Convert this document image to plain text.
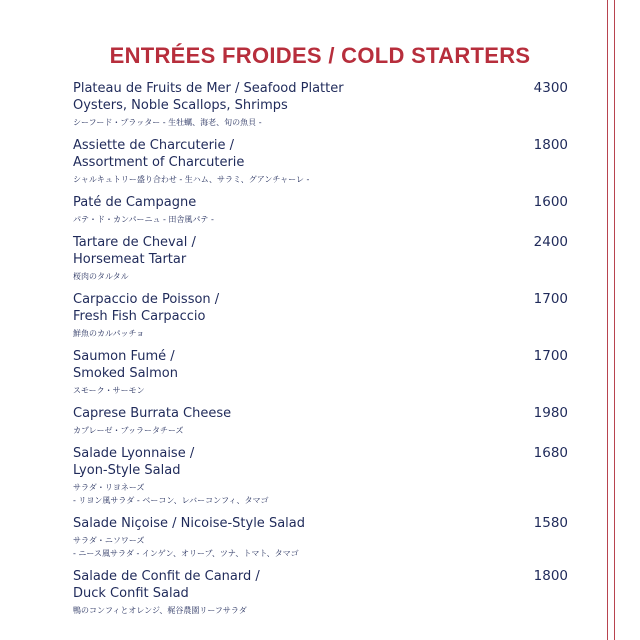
ENTRÉES FROIDES / COLD STARTERS
Plateau de Fruits de Mer / Seafood Platter
Oysters, Noble Scallops, Shrimps
シーフード・プラッター - 生牡蠣、海老、旬の魚貝 -
4300
Assiette de Charcuterie /
Assortment of Charcuterie
シャルキュトリー盛り合わせ - 生ハム、サラミ、グアンチャーレ -
1800
Paté de Campagne
パテ・ド・カンパーニュ - 田舎風パテ -
1600
Tartare de Cheval /
Horsemeat Tartar
桜肉のタルタル
2400
Carpaccio de Poisson /
Fresh Fish Carpaccio
鮮魚のカルパッチョ
1700
Saumon Fumé /
Smoked Salmon
スモーク・サーモン
1700
Caprese Burrata Cheese
カプレーゼ・ブッラータチーズ
1980
Salade Lyonnaise /
Lyon-Style Salad
サラダ・リヨネーズ
- リヨン風サラダ - ベーコン、レバーコンフィ、タマゴ
1680
Salade Niçoise / Nicoise-Style Salad
サラダ・ニソワーズ
- ニース風サラダ - インゲン、オリーブ、ツナ、トマト、タマゴ
1580
Salade de Confit de Canard /
Duck Confit Salad
鴨のコンフィとオレンジ、梶谷農園リーフサラダ
1800
